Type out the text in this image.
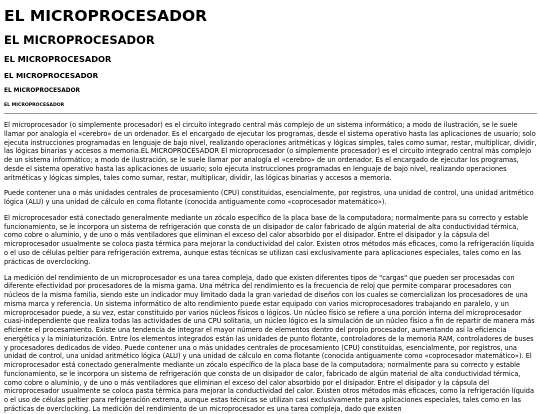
EL MICROPROCESADOR
EL MICROPROCESADOR
EL MICROPROCESADOR
EL MICROPROCESADOR
EL MICROPROCESADOR
EL MICROPROCESADOR

El microprocesador (o simplemente procesador) es el circuito integrado central más complejo de un sistema informático; a modo de ilustración, se le suele llamar por analogía el «cerebro» de un ordenador. Es el encargado de ejecutar los programas, desde el sistema operativo hasta las aplicaciones de usuario; solo ejecuta instrucciones programadas en lenguaje de bajo nivel, realizando operaciones aritméticas y lógicas simples, tales como sumar, restar, multiplicar, dividir, las lógicas binarias y accesos a memoria.EL MICROPROCESADOR El microprocesador (o simplemente procesador) es el circuito integrado central más complejo de un sistema informático; a modo de ilustración, se le suele llamar por analogía el «cerebro» de un ordenador. Es el encargado de ejecutar los programas, desde el sistema operativo hasta las aplicaciones de usuario; solo ejecuta instrucciones programadas en lenguaje de bajo nivel, realizando operaciones aritméticas y lógicas simples, tales como sumar, restar, multiplicar, dividir, las lógicas binarias y accesos a memoria.

Puede contener una o más unidades centrales de procesamiento (CPU) constituidas, esencialmente, por registros, una unidad de control, una unidad aritmético lógica (ALU) y una unidad de cálculo en coma flotante (conocida antiguamente como «coprocesador matemático»).

El microprocesador está conectado generalmente mediante un zócalo específico de la placa base de la computadora; normalmente para su correcto y estable funcionamiento, se le incorpora un sistema de refrigeración que consta de un disipador de calor fabricado de algún material de alta conductividad térmica, como cobre o aluminio, y de uno o más ventiladores que eliminan el exceso del calor absorbido por el disipador. Entre el disipador y la cápsula del microprocesador usualmente se coloca pasta térmica para mejorar la conductividad del calor. Existen otros métodos más eficaces, como la refrigeración líquida o el uso de células peltier para refrigeración extrema, aunque estas técnicas se utilizan casi exclusivamente para aplicaciones especiales, tales como en las prácticas de overclocking.

La medición del rendimiento de un microprocesador es una tarea compleja, dado que existen diferentes tipos de "cargas" que pueden ser procesadas con diferente efectividad por procesadores de la misma gama. Una métrica del rendimiento es la frecuencia de reloj que permite comparar procesadores con núcleos de la misma familia, siendo este un indicador muy limitado dada la gran variedad de diseños con los cuales se comercializan los procesadores de una misma marca y referencia. Un sistema informático de alto rendimiento puede estar equipado con varios microprocesadores trabajando en paralelo, y un microprocesador puede, a su vez, estar constituido por varios núcleos físicos o lógicos. Un núcleo físico se refiere a una porción interna del microprocesador cuasi-independiente que realiza todas las actividades de una CPU solitaria, un núcleo lógico es la simulación de un núcleo físico a fin de repartir de manera más eficiente el procesamiento. Existe una tendencia de integrar el mayor número de elementos dentro del propio procesador, aumentando así la eficiencia energética y la miniaturización. Entre los elementos integrados están las unidades de punto flotante, controladores de la memoria RAM, controladores de buses y procesadores dedicados de vídeo. Puede contener una o más unidades centrales de procesamiento (CPU) constituidas, esencialmente, por registros, una unidad de control, una unidad aritmético lógica (ALU) y una unidad de cálculo en coma flotante (conocida antiguamente como «coprocesador matemático»). El microprocesador está conectado generalmente mediante un zócalo específico de la placa base de la computadora; normalmente para su correcto y estable funcionamiento, se le incorpora un sistema de refrigeración que consta de un disipador de calor, fabricado de algún material de alta conductividad térmica, como cobre o aluminio, y de uno o más ventiladores que eliminan el exceso del calor absorbido por el disipador. Entre el disipador y la cápsula del microprocesador usualmente se coloca pasta térmica para mejorar la conductividad del calor. Existen otros métodos más eficaces, como la refrigeración líquida o el uso de células peltier para refrigeración extrema, aunque estas técnicas se utilizan casi exclusivamente para aplicaciones especiales, tales como en las prácticas de overclocking. La medición del rendimiento de un microprocesador es una tarea compleja, dado que existen
